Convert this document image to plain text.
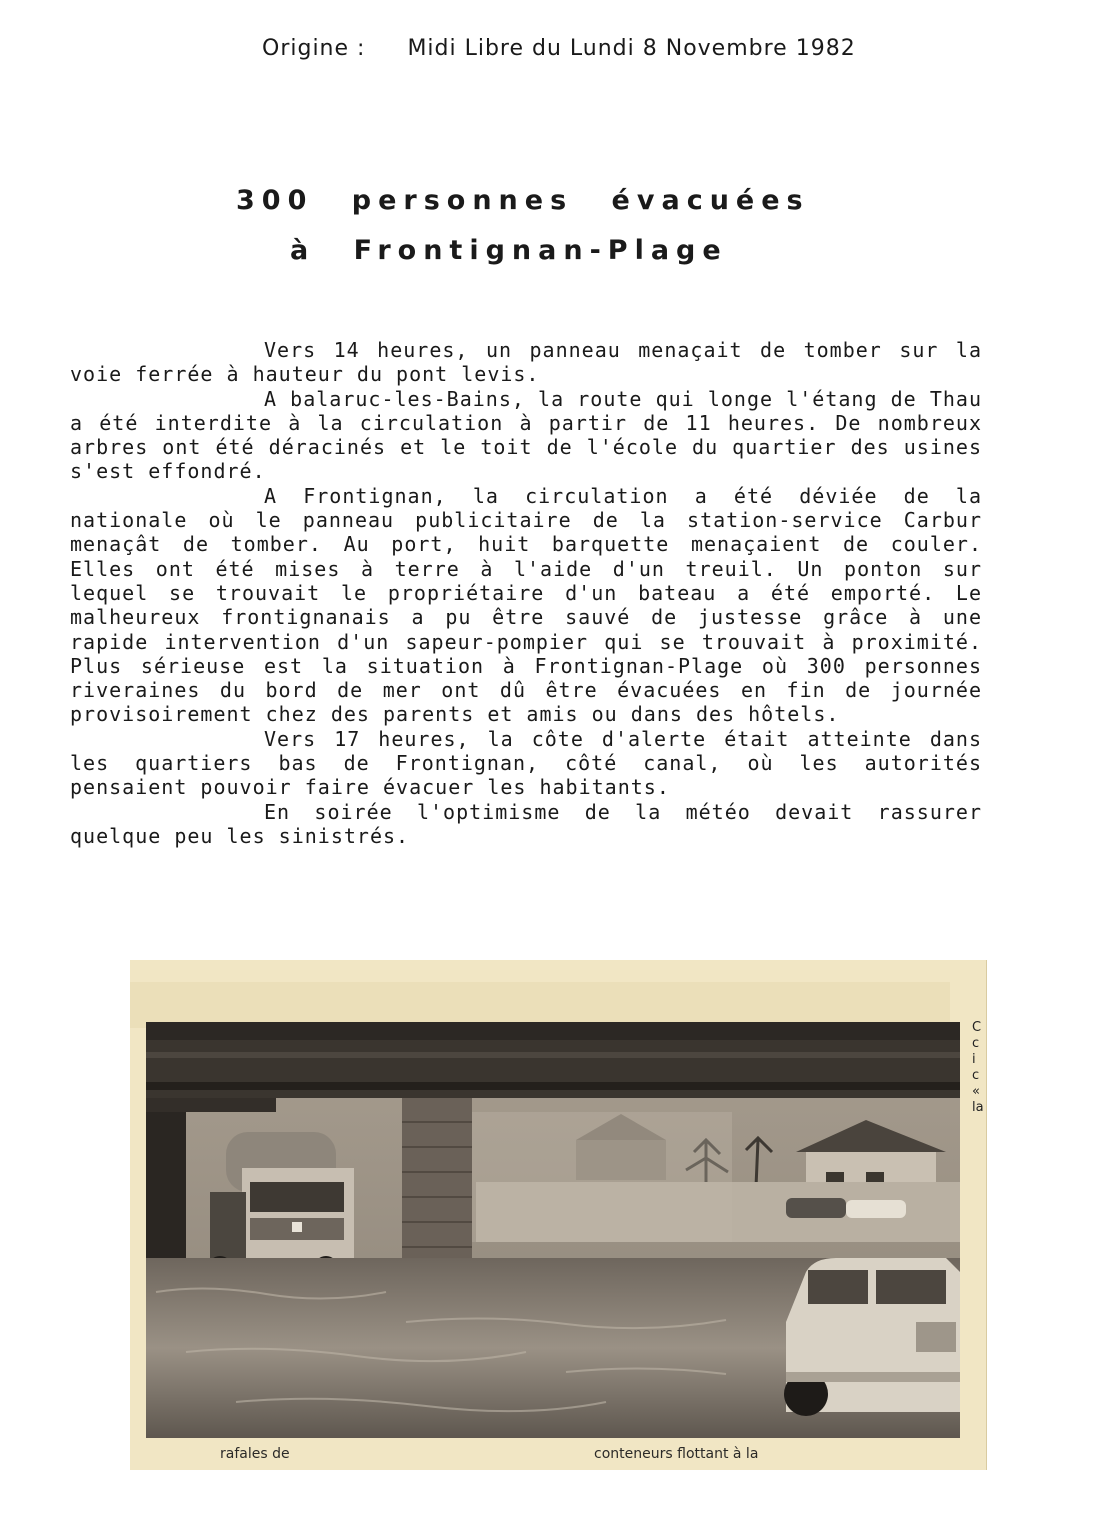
Origine : Midi Libre du Lundi 8 Novembre 1982
300 personnes évacuées
à Frontignan-Plage

Vers 14 heures, un panneau menaçait de tomber sur la voie ferrée à hauteur du pont levis.

A balaruc-les-Bains, la route qui longe l'étang de Thau a été interdite à la circulation à partir de 11 heures. De nombreux arbres ont été déracinés et le toit de l'école du quartier des usines s'est effondré.

A Frontignan, la circulation a été déviée de la nationale où le panneau publicitaire de la station-service Carbur menaçât de tomber. Au port, huit barquette menaçaient de couler. Elles ont été mises à terre à l'aide d'un treuil. Un ponton sur lequel se trouvait le propriétaire d'un bateau a été emporté. Le malheureux frontignanais a pu être sauvé de justesse grâce à une rapide intervention d'un sapeur-pompier qui se trouvait à proximité. Plus sérieuse est la situation à Frontignan-Plage où 300 personnes riveraines du bord de mer ont dû être évacuées en fin de journée provisoirement chez des parents et amis ou dans des hôtels.

Vers 17 heures, la côte d'alerte était atteinte dans les quartiers bas de Frontignan, côté canal, où les autorités pensaient pouvoir faire évacuer les habitants.

En soirée l'optimisme de la météo devait rassurer quelque peu les sinistrés.

rafales de	conteneurs flottant à la
C
c
i
c
«
la
